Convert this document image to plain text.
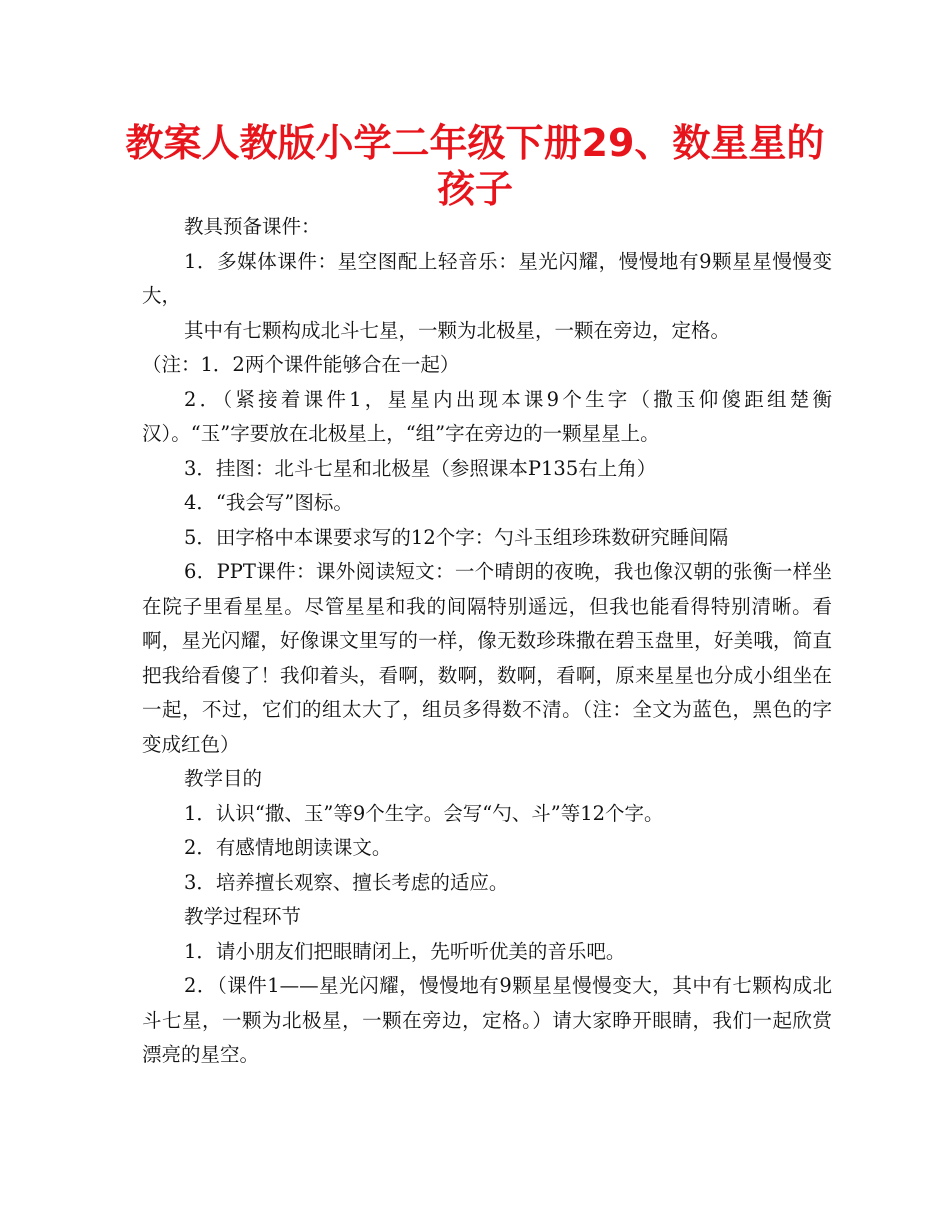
教案人教版小学二年级下册29、数星星的
孩子

教具预备课件：

1．多媒体课件：星空图配上轻音乐：星光闪耀，慢慢地有9颗星星慢慢变大，

其中有七颗构成北斗七星，一颗为北极星，一颗在旁边，定格。

（注：1．2两个课件能够合在一起）

2．（紧接着课件1，星星内出现本课9个生字（撒玉仰傻距组楚衡汉）。“玉”字要放在北极星上，“组”字在旁边的一颗星星上。

3．挂图：北斗七星和北极星（参照课本P135右上角）

4．“我会写”图标。

5．田字格中本课要求写的12个字：勺斗玉组珍珠数研究睡间隔

6．PPT课件：课外阅读短文：一个晴朗的夜晚，我也像汉朝的张衡一样坐在院子里看星星。尽管星星和我的间隔特别遥远，但我也能看得特别清晰。看啊，星光闪耀，好像课文里写的一样，像无数珍珠撒在碧玉盘里，好美哦，简直把我给看傻了！我仰着头，看啊，数啊，数啊，看啊，原来星星也分成小组坐在一起，不过，它们的组太大了，组员多得数不清。（注：全文为蓝色，黑色的字变成红色）

教学目的

1．认识“撒、玉”等9个生字。会写“勺、斗”等12个字。

2．有感情地朗读课文。

3．培养擅长观察、擅长考虑的适应。

教学过程环节

1．请小朋友们把眼睛闭上，先听听优美的音乐吧。

2．（课件1——星光闪耀，慢慢地有9颗星星慢慢变大，其中有七颗构成北斗七星，一颗为北极星，一颗在旁边，定格。）请大家睁开眼睛，我们一起欣赏漂亮的星空。
